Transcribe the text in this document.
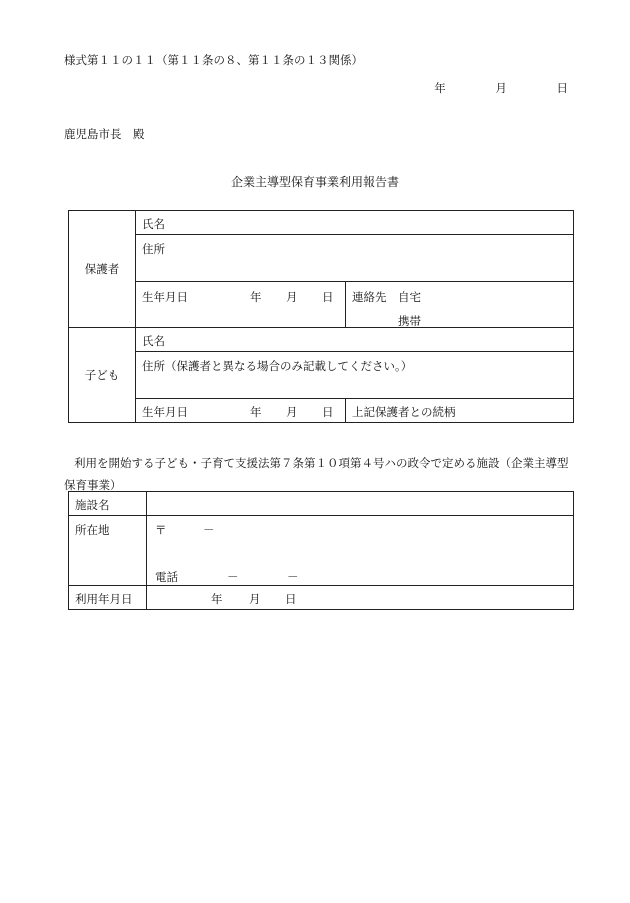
様式第１１の１１（第１１条の８、第１１条の１３関係）
年	月	日
鹿児島市長　殿
企業主導型保育事業利用報告書
保護者	氏名	
	住所	

	生年月日 年 月 日	連絡先 自宅
携帯

子ども	氏名	
	住所（保護者と異なる場合のみ記載してください。）	

	生年月日 年 月 日	上記保護者との続柄
利用を開始する子ども・子育て支援法第７条第１０項第４号ハの政令で定める施設（企業主導型保育事業）
施設名	
所在地	〒 －
電話 － －

利用年月日	年 月 日
